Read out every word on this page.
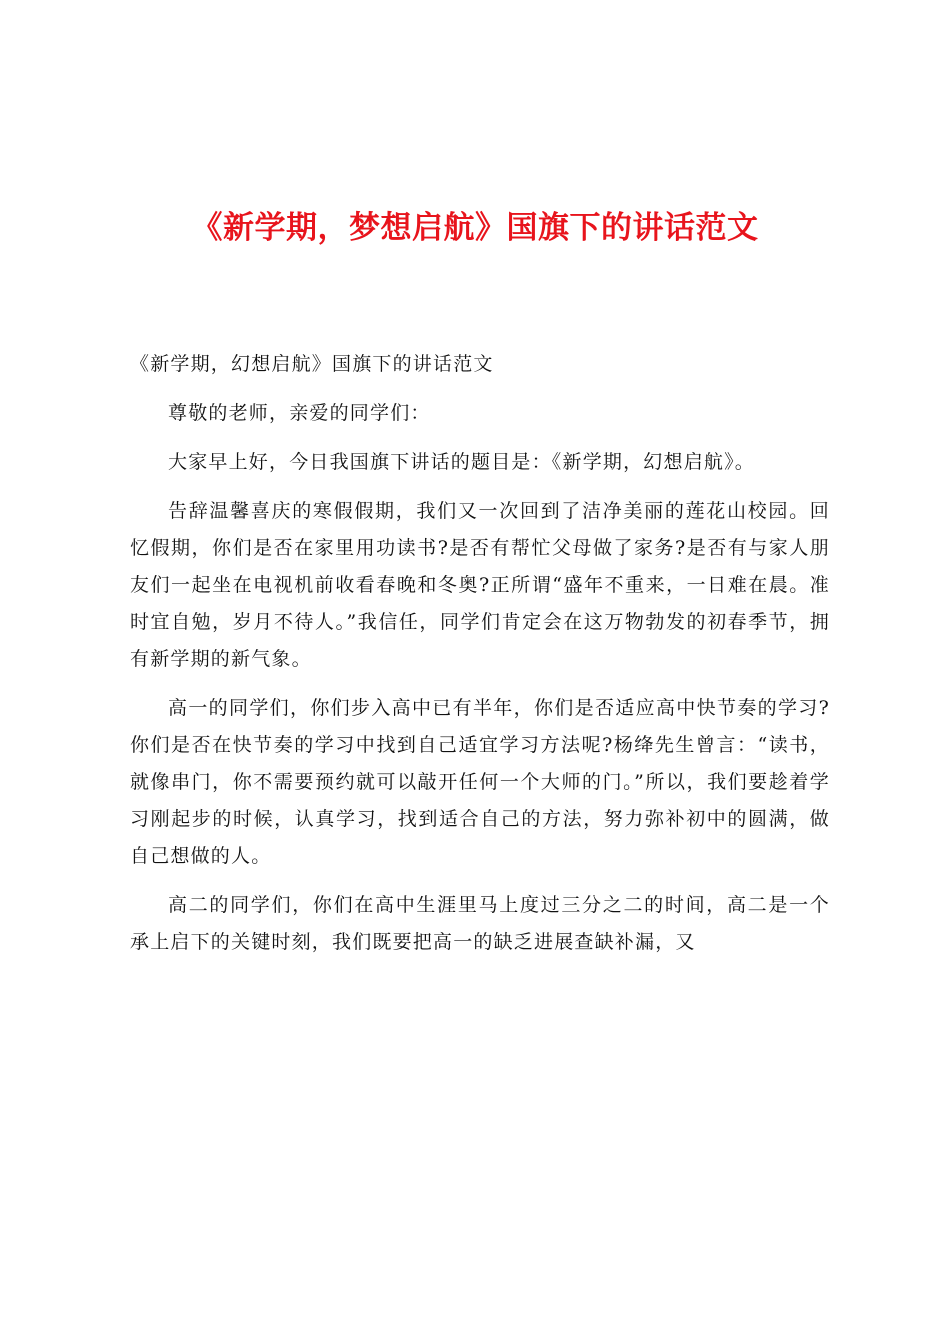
《新学期，梦想启航》国旗下的讲话范文

《新学期，幻想启航》国旗下的讲话范文

尊敬的老师，亲爱的同学们：

大家早上好，今日我国旗下讲话的题目是：《新学期，幻想启航》。

告辞温馨喜庆的寒假假期，我们又一次回到了洁净美丽的莲花山校园。回忆假期，你们是否在家里用功读书?是否有帮忙父母做了家务?是否有与家人朋友们一起坐在电视机前收看春晚和冬奥?正所谓“盛年不重来，一日难在晨。准时宜自勉，岁月不待人。”我信任，同学们肯定会在这万物勃发的初春季节，拥有新学期的新气象。

高一的同学们，你们步入高中已有半年，你们是否适应高中快节奏的学习?你们是否在快节奏的学习中找到自己适宜学习方法呢?杨绛先生曾言：“读书，就像串门，你不需要预约就可以敲开任何一个大师的门。”所以，我们要趁着学习刚起步的时候，认真学习，找到适合自己的方法，努力弥补初中的圆满，做自己想做的人。

高二的同学们，你们在高中生涯里马上度过三分之二的时间，高二是一个承上启下的关键时刻，我们既要把高一的缺乏进展查缺补漏，又
